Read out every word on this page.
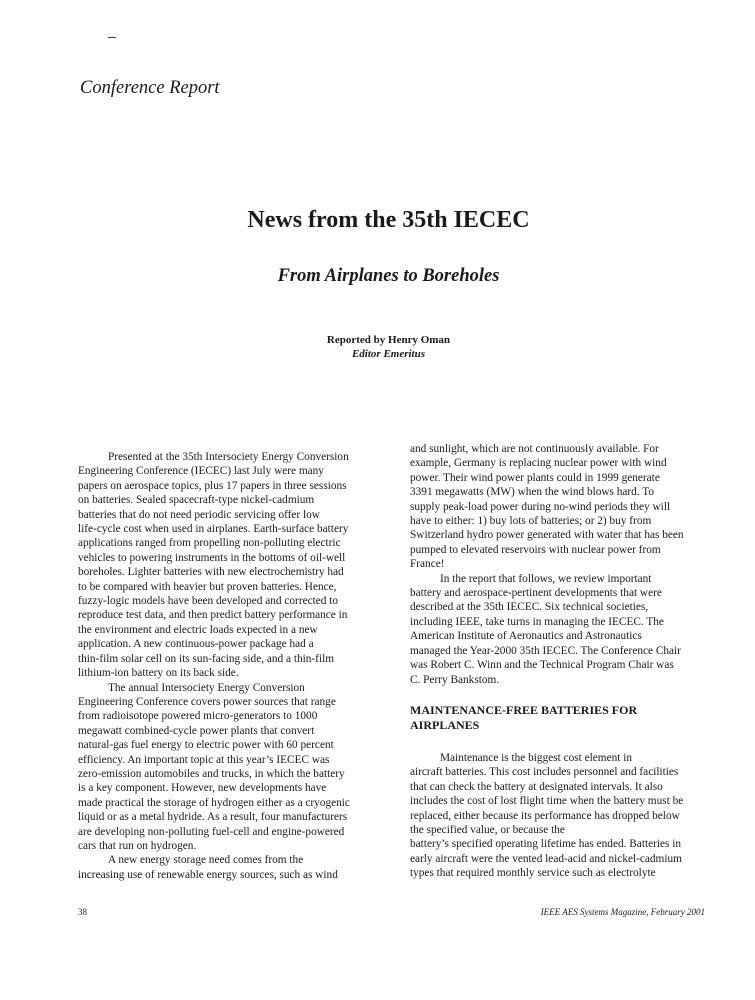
Conference Report
News from the 35th IECEC
From Airplanes to Boreholes
Reported by Henry Oman
Editor Emeritus
Presented at the 35th Intersociety Energy Conversion
Engineering Conference (IECEC) last July were many
papers on aerospace topics, plus 17 papers in three sessions
on batteries. Sealed spacecraft-type nickel-cadmium
batteries that do not need periodic servicing offer low
life-cycle cost when used in airplanes. Earth-surface battery
applications ranged from propelling non-polluting electric
vehicles to powering instruments in the bottoms of oil-well
boreholes. Lighter batteries with new electrochemistry had
to be compared with heavier but proven batteries. Hence,
fuzzy-logic models have been developed and corrected to
reproduce test data, and then predict battery performance in
the environment and electric loads expected in a new
application. A new continuous-power package had a
thin-film solar cell on its sun-facing side, and a thin-film
lithium-ion battery on its back side.
The annual Intersociety Energy Conversion
Engineering Conference covers power sources that range
from radioisotope powered micro-generators to 1000
megawatt combined-cycle power plants that convert
natural-gas fuel energy to electric power with 60 percent
efficiency. An important topic at this year’s IECEC was
zero-emission automobiles and trucks, in which the battery
is a key component. However, new developments have
made practical the storage of hydrogen either as a cryogenic
liquid or as a metal hydride. As a result, four manufacturers
are developing non-polluting fuel-cell and engine-powered
cars that run on hydrogen.
A new energy storage need comes from the
increasing use of renewable energy sources, such as wind
and sunlight, which are not continuously available. For
example, Germany is replacing nuclear power with wind
power. Their wind power plants could in 1999 generate
3391 megawatts (MW) when the wind blows hard. To
supply peak-load power during no-wind periods they will
have to either: 1) buy lots of batteries; or 2) buy from
Switzerland hydro power generated with water that has been
pumped to elevated reservoirs with nuclear power from
France!
In the report that follows, we review important
battery and aerospace-pertinent developments that were
described at the 35th IECEC. Six technical societies,
including IEEE, take turns in managing the IECEC. The
American Institute of Aeronautics and Astronautics
managed the Year-2000 35th IECEC. The Conference Chair
was Robert C. Winn and the Technical Program Chair was
C. Perry Bankstom.
MAINTENANCE-FREE BATTERIES FOR
AIRPLANES
Maintenance is the biggest cost element in
aircraft batteries. This cost includes personnel and facilities
that can check the battery at designated intervals. It also
includes the cost of lost flight time when the battery must be
replaced, either because its performance has dropped below
the specified value, or because the
battery’s specified operating lifetime has ended. Batteries in
early aircraft were the vented lead-acid and nickel-cadmium
types that required monthly service such as electrolyte
38	IEEE AES Systems Magazine, February 2001
